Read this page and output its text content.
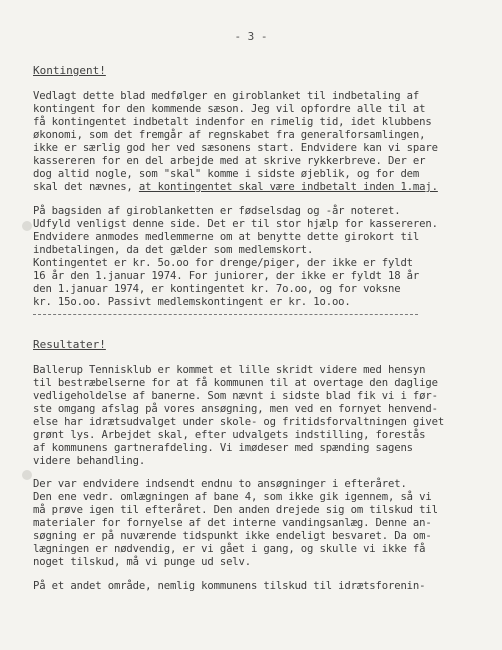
- 3 -
Kontingent!
Vedlagt dette blad medfølger en giroblanket til indbetaling af
kontingent for den kommende sæson. Jeg vil opfordre alle til at
få kontingentet indbetalt indenfor en rimelig tid, idet klubbens
økonomi, som det fremgår af regnskabet fra generalforsamlingen,
ikke er særlig god her ved sæsonens start. Endvidere kan vi spare
kassereren for en del arbejde med at skrive rykkerbreve. Der er
dog altid nogle, som "skal" komme i sidste øjeblik, og for dem
skal det nævnes, at kontingentet skal være indbetalt inden 1.maj.
På bagsiden af giroblanketten er fødselsdag og -år noteret.
Udfyld venligst denne side. Det er til stor hjælp for kassereren.
Endvidere anmodes medlemmerne om at benytte dette girokort til
indbetalingen, da det gælder som medlemskort.
Kontingentet er kr. 5o.oo for drenge/piger, der ikke er fyldt
16 år den 1.januar 1974. For juniorer, der ikke er fyldt 18 år
den 1.januar 1974, er kontingentet kr. 7o.oo, og for voksne
kr. 15o.oo. Passivt medlemskontingent er kr. 1o.oo.
Resultater!
Ballerup Tennisklub er kommet et lille skridt videre med hensyn
til bestræbelserne for at få kommunen til at overtage den daglige
vedligeholdelse af banerne. Som nævnt i sidste blad fik vi i før-
ste omgang afslag på vores ansøgning, men ved en fornyet henvend-
else har idrætsudvalget under skole- og fritidsforvaltningen givet
grønt lys. Arbejdet skal, efter udvalgets indstilling, forestås
af kommunens gartnerafdeling. Vi imødeser med spænding sagens
videre behandling.
Der var endvidere indsendt endnu to ansøgninger i efteråret.
Den ene vedr. omlægningen af bane 4, som ikke gik igennem, så vi
må prøve igen til efteråret. Den anden drejede sig om tilskud til
materialer for fornyelse af det interne vandingsanlæg. Denne an-
søgning er på nuværende tidspunkt ikke endeligt besvaret. Da om-
lægningen er nødvendig, er vi gået i gang, og skulle vi ikke få
noget tilskud, må vi punge ud selv.
På et andet område, nemlig kommunens tilskud til idrætsforenin-
